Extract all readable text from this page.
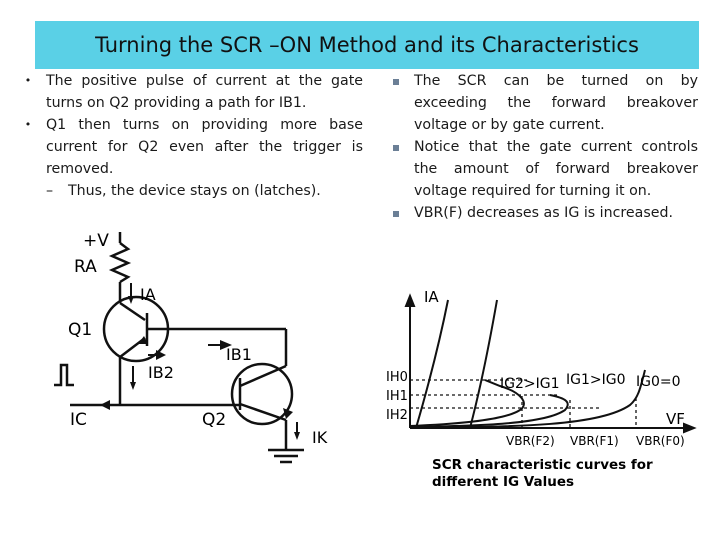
Turning the SCR –ON Method and its Characteristics
•	The positive pulse of current at the gate turns on Q2 providing a path for IB1.
•	Q1 then turns on providing more base current for Q2 even after the trigger is removed.
– Thus, the device stays on (latches).
The SCR can be turned on by exceeding the forward breakover voltage or by gate current.
Notice that the gate current controls the amount of forward breakover voltage required for turning it on.
VBR(F) decreases as IG is increased.
+V
RA
IA
Q1
IB1
IB2
IC	Q2
IK
IA
VF
IH0
IH1
IH2
IG2>IG1 IG1>IG0 IG0=0
VBR(F2) VBR(F1) VBR(F0)
SCR characteristic curves for
different IG Values
